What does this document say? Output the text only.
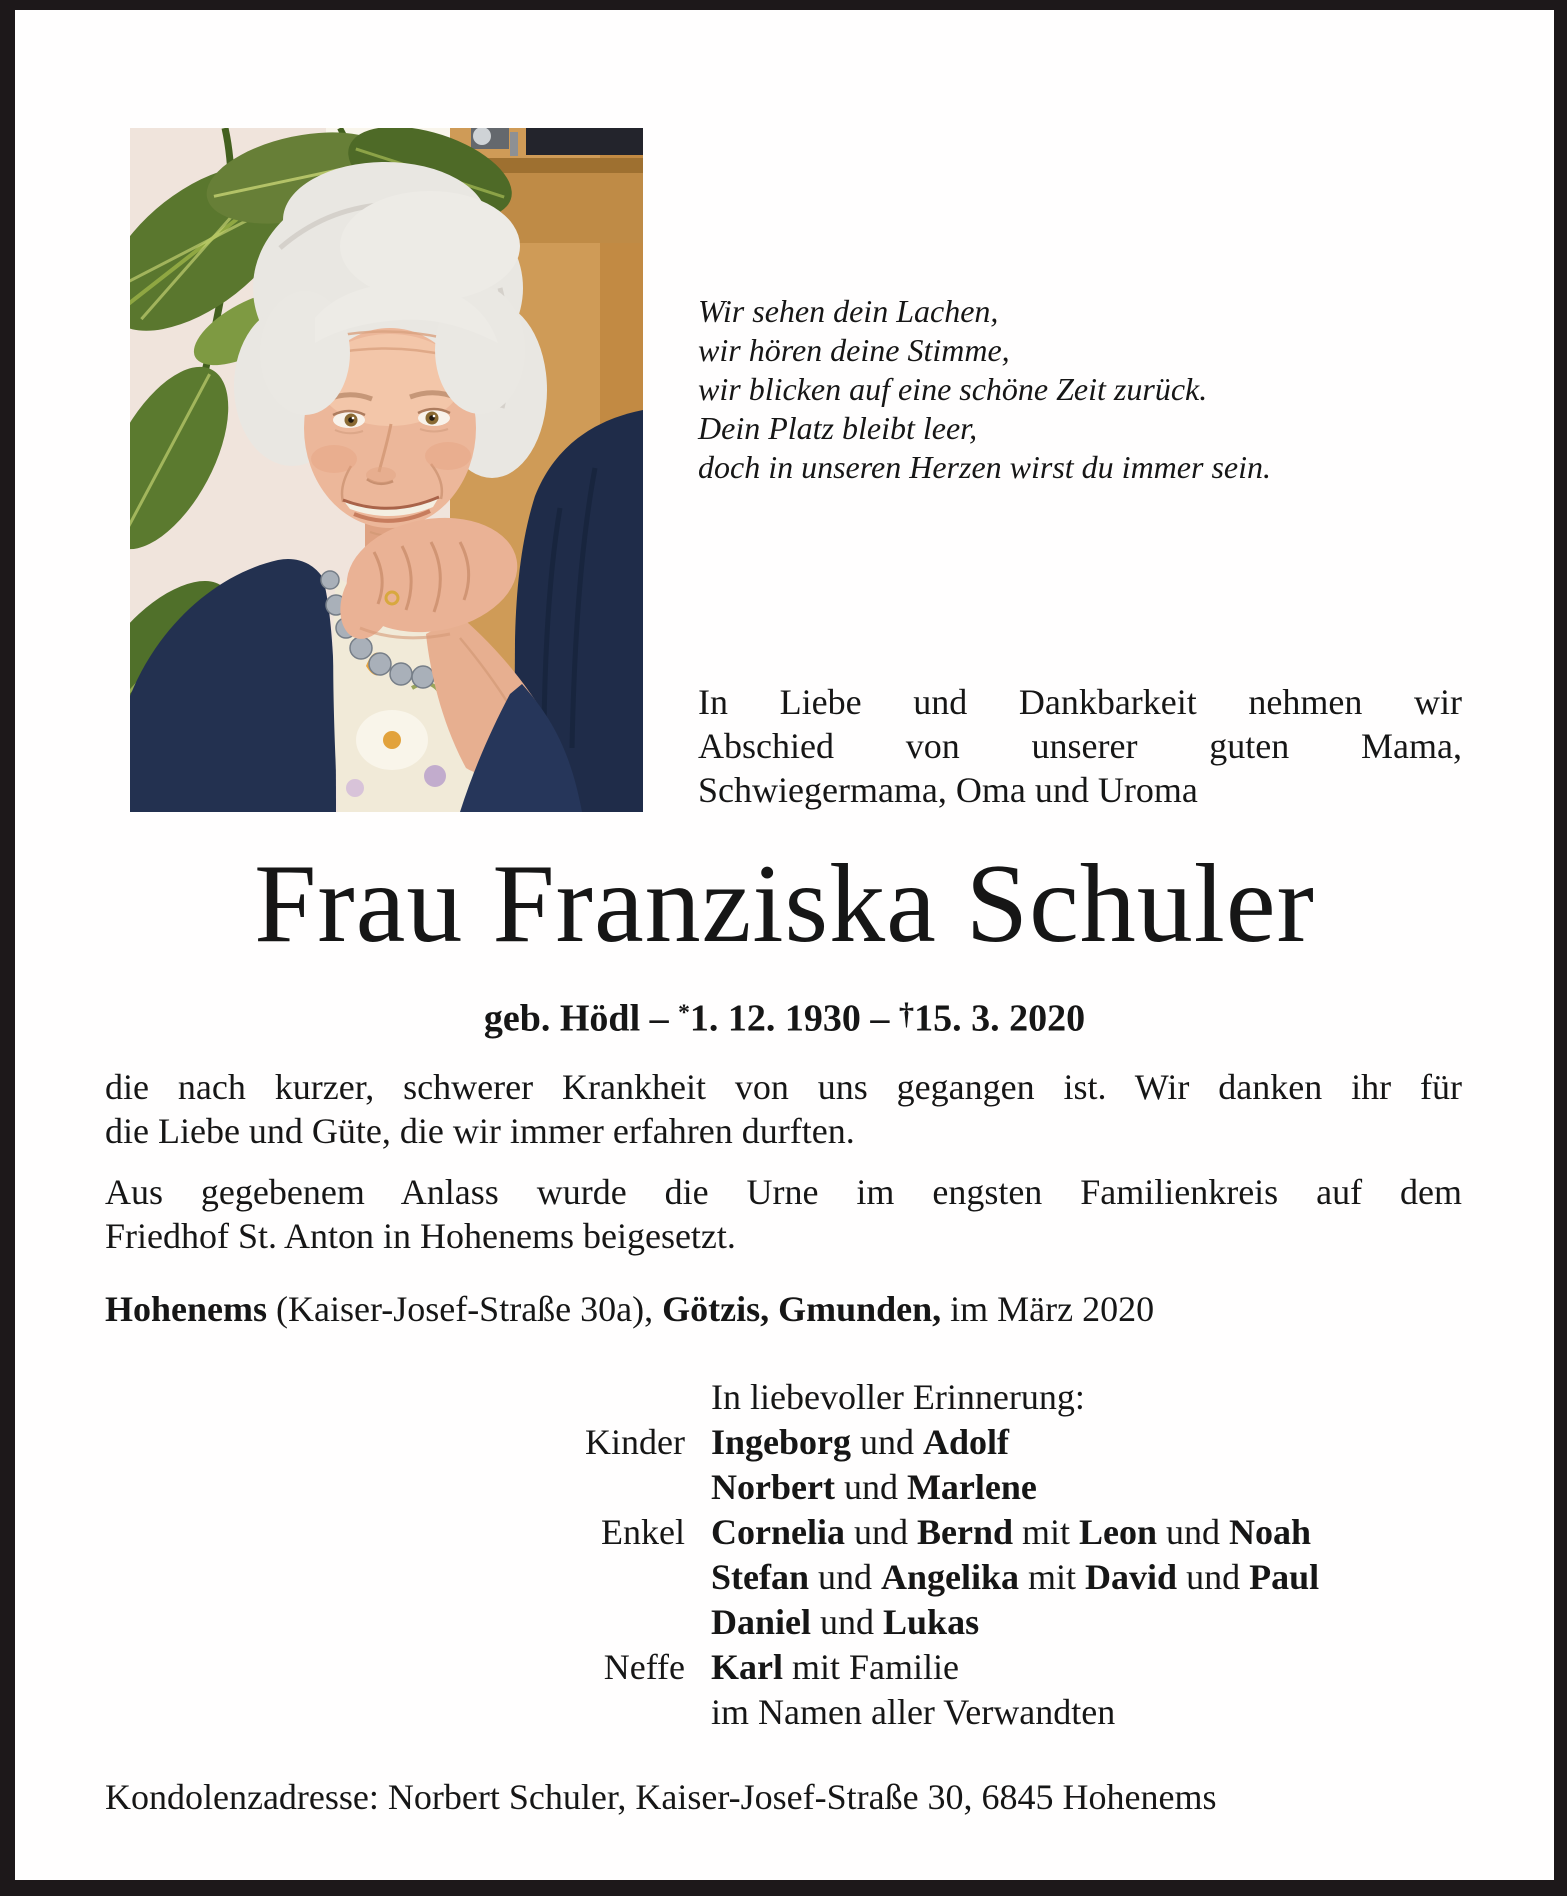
Wir sehen dein Lachen,
wir hören deine Stimme,
wir blicken auf eine schöne Zeit zurück.
Dein Platz bleibt leer,
doch in unseren Herzen wirst du immer sein.
In Liebe und Dankbarkeit nehmen wir
Abschied von unserer guten Mama,
Schwiegermama, Oma und Uroma
Frau Franziska Schuler
geb. Hödl – *1. 12. 1930 – †15. 3. 2020
die nach kurzer, schwerer Krankheit von uns gegangen ist. Wir danken ihr für
die Liebe und Güte, die wir immer erfahren durften.
Aus gegebenem Anlass wurde die Urne im engsten Familienkreis auf dem
Friedhof St. Anton in Hohenems beigesetzt.
Hohenems (Kaiser-Josef-Straße 30a), Götzis, Gmunden, im März 2020
In liebevoller Erinnerung:
Kinder Ingeborg und Adolf
Norbert und Marlene
Enkel Cornelia und Bernd mit Leon und Noah
Stefan und Angelika mit David und Paul
Daniel und Lukas
Neffe Karl mit Familie
im Namen aller Verwandten
Kondolenzadresse: Norbert Schuler, Kaiser-Josef-Straße 30, 6845 Hohenems
